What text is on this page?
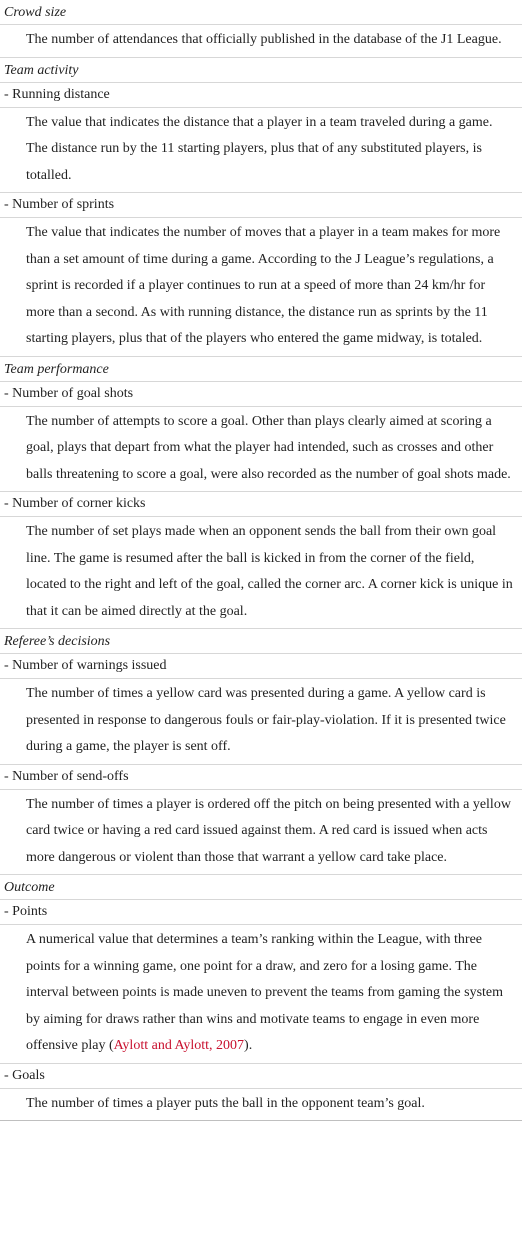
Crowd size
The number of attendances that officially published in the database of the J1 League.
Team activity
- Running distance
The value that indicates the distance that a player in a team traveled during a game. The distance run by the 11 starting players, plus that of any substituted players, is totalled.
- Number of sprints
The value that indicates the number of moves that a player in a team makes for more than a set amount of time during a game. According to the J League’s regulations, a sprint is recorded if a player continues to run at a speed of more than 24 km/hr for more than a second. As with running distance, the distance run as sprints by the 11 starting players, plus that of the players who entered the game midway, is totaled.
Team performance
- Number of goal shots
The number of attempts to score a goal. Other than plays clearly aimed at scoring a goal, plays that depart from what the player had intended, such as crosses and other balls threatening to score a goal, were also recorded as the number of goal shots made.
- Number of corner kicks
The number of set plays made when an opponent sends the ball from their own goal line. The game is resumed after the ball is kicked in from the corner of the field, located to the right and left of the goal, called the corner arc. A corner kick is unique in that it can be aimed directly at the goal.
Referee’s decisions
- Number of warnings issued
The number of times a yellow card was presented during a game. A yellow card is presented in response to dangerous fouls or fair-play-violation. If it is presented twice during a game, the player is sent off.
- Number of send-offs
The number of times a player is ordered off the pitch on being presented with a yellow card twice or having a red card issued against them. A red card is issued when acts more dangerous or violent than those that warrant a yellow card take place.
Outcome
- Points
A numerical value that determines a team’s ranking within the League, with three points for a winning game, one point for a draw, and zero for a losing game. The interval between points is made uneven to prevent the teams from gaming the system by aiming for draws rather than wins and motivate teams to engage in even more offensive play (Aylott and Aylott, 2007).
- Goals
The number of times a player puts the ball in the opponent team’s goal.
